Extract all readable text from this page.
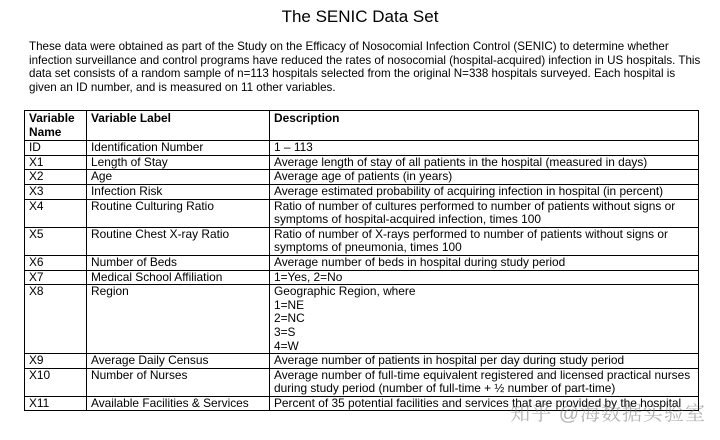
The SENIC Data Set

These data were obtained as part of the Study on the Efficacy of Nosocomial Infection Control (SENIC) to determine whether infection surveillance and control programs have reduced the rates of nosocomial (hospital-acquired) infection in US hospitals. This data set consists of a random sample of n=113 hospitals selected from the original N=338 hospitals surveyed. Each hospital is given an ID number, and is measured on 11 other variables.

Variable Name	Variable Label	Description
ID	Identification Number	1 – 113

X1	Length of Stay	Average length of stay of all patients in the hospital (measured in days)

X2	Age	Average age of patients (in years)

X3	Infection Risk	Average estimated probability of acquiring infection in hospital (in percent)

X4	Routine Culturing Ratio	Ratio of number of cultures performed to number of patients without signs or symptoms of hospital-acquired infection, times 100

X5	Routine Chest X-ray Ratio	Ratio of number of X-rays performed to number of patients without signs or symptoms of pneumonia, times 100

X6	Number of Beds	Average number of beds in hospital during study period

X7	Medical School Affiliation	1=Yes, 2=No

X8	Region	Geographic Region, where
1=NE
2=NC
3=S
4=W

X9	Average Daily Census	Average number of patients in hospital per day during study period

X10	Number of Nurses	Average number of full-time equivalent registered and licensed practical nurses during study period (number of full-time + ½ number of part-time)

X11	Available Facilities & Services	Percent of 35 potential facilities and services that are provided by the hospital
知乎 @海数据实验室
